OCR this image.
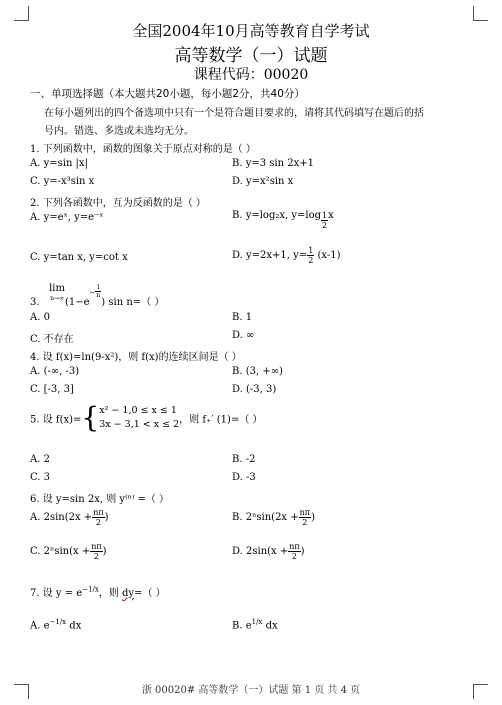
全国2004年10月高等教育自学考试
高等数学（一）试题
课程代码：00020
一、单项选择题（本大题共20小题，每小题2分，共40分）
在每小题列出的四个备选项中只有一个是符合题目要求的，请将其代码填写在题后的括
号内。错选、多选或未选均无分。
1. 下列函数中，函数的图象关于原点对称的是（ ）
A. y=sin |x|	B. y=3 sin 2x+1
C. y=-x³sin x	D. y=x²sin x
2. 下列各函数中，互为反函数的是（ ）
A. y=eˣ, y=e⁻ˣ	B. y=log₂x, $y=\log \frac{1}{2}$ x
C. y=tan x, y=cot x	D. y=2x+1, $y= \frac{1}{2} (x-1)$
3.
lim
n→∞ ($1-e^- \frac{1}{n}$
) sin n=（ ）
A. 0	B. 1
C. 不存在	D. ∞
4. 设 f(x)=ln(9-x²)，则 f(x)的连续区间是（ ）
A. (-∞, -3)	B. (3, +∞)
C. [-3, 3]	D. (-3, 3)
5. 设 f(x)={ x² − 1,0 ≤ x ≤ 1
3x − 3,1 < x ≤ 2 ，则 f₊′ (1)=（ ）
A. 2	B. -2
C. 3	D. -3
6. 设 y=sin 2x, 则 y⁽ⁿ⁾ =（ ）
A. $2\sin(2x + \frac{n\pi}{2}$ )	B. $2^n\sin(2x + \frac{n\pi}{2}$ )
C. $2^n\sin(x + \frac{n\pi}{2}$ )	D. $2\sin(x + \frac{n\pi}{2}$ )
7. 设 $y = e^{-1/x}$，则 dy=（ ）
A. $e^{-1/x}$ dx	B. $e^{1/x}$ dx
浙 00020# 高等数学（一）试题 第 1 页 共 4 页
